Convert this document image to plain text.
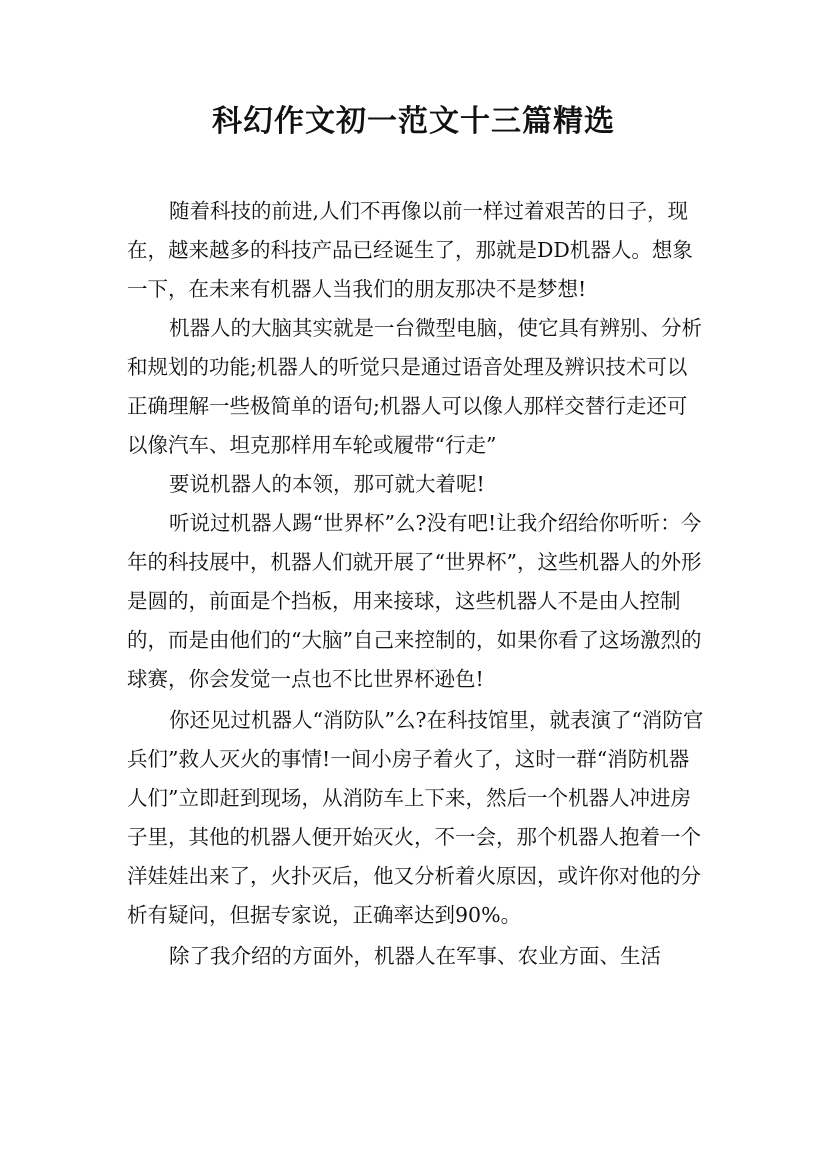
科幻作文初一范文十三篇精选

随着科技的前进,人们不再像以前一样过着艰苦的日子，现在，越来越多的科技产品已经诞生了，那就是DD机器人。想象一下，在未来有机器人当我们的朋友那决不是梦想!

机器人的大脑其实就是一台微型电脑，使它具有辨别、分析和规划的功能;机器人的听觉只是通过语音处理及辨识技术可以正确理解一些极简单的语句;机器人可以像人那样交替行走还可以像汽车、坦克那样用车轮或履带“行走”

要说机器人的本领，那可就大着呢!

听说过机器人踢“世界杯”么?没有吧!让我介绍给你听听：今年的科技展中，机器人们就开展了“世界杯”，这些机器人的外形是圆的，前面是个挡板，用来接球，这些机器人不是由人控制的，而是由他们的“大脑”自己来控制的，如果你看了这场激烈的球赛，你会发觉一点也不比世界杯逊色!

你还见过机器人“消防队”么?在科技馆里，就表演了“消防官兵们”救人灭火的事情!一间小房子着火了，这时一群“消防机器人们”立即赶到现场，从消防车上下来，然后一个机器人冲进房子里，其他的机器人便开始灭火，不一会，那个机器人抱着一个洋娃娃出来了，火扑灭后，他又分析着火原因，或许你对他的分析有疑问，但据专家说，正确率达到90%。

除了我介绍的方面外，机器人在军事、农业方面、生活
